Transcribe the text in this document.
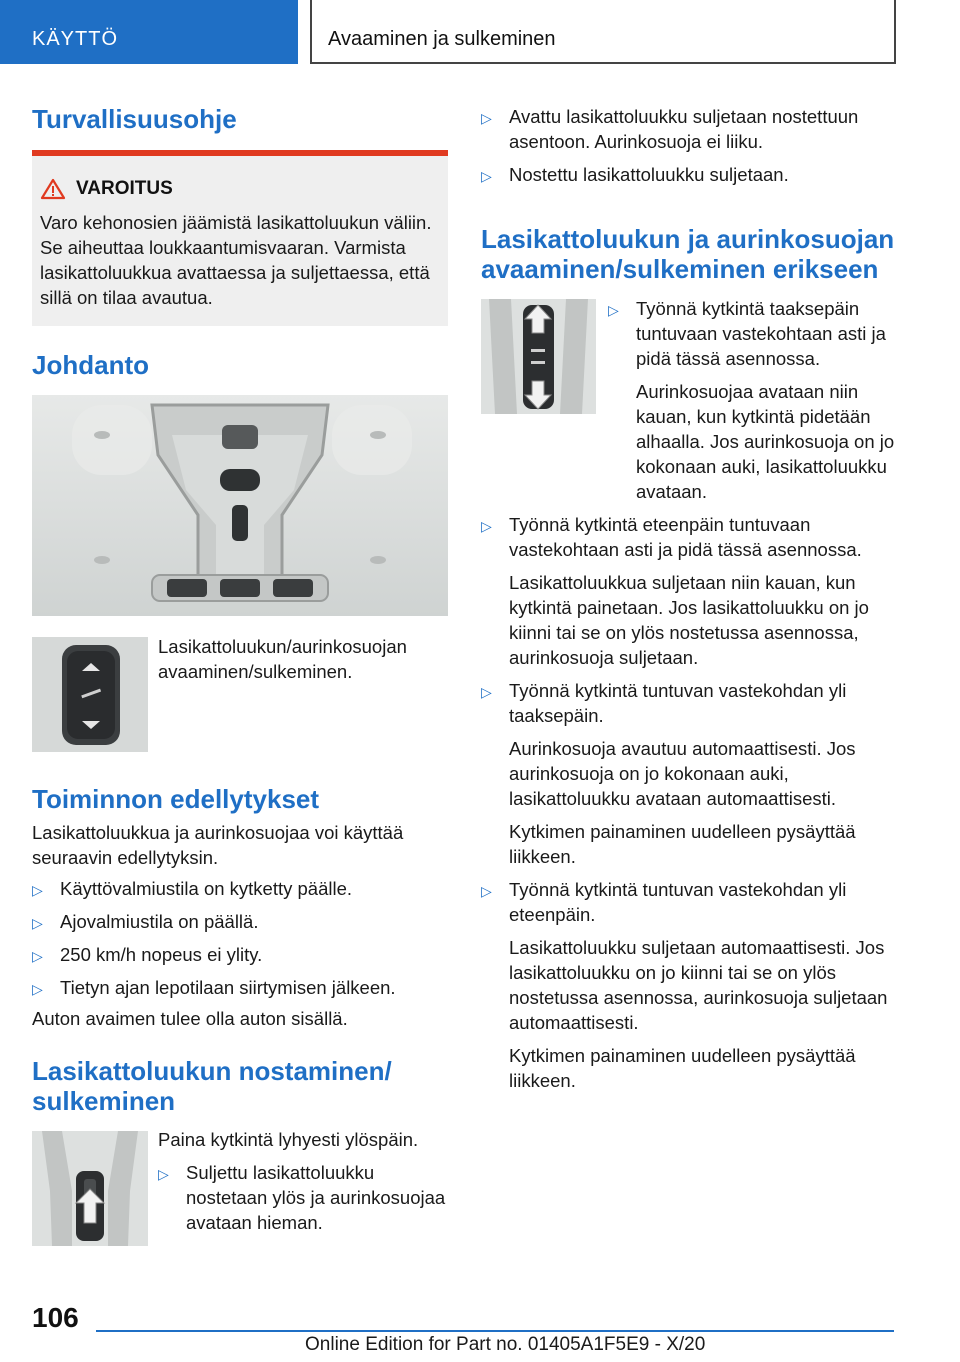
KÄYTTÖ	Avaaminen ja sulkeminen
Turvallisuusohje
VAROITUS
Varo kehonosien jäämistä lasikattoluukun väliin. Se aiheuttaa loukkaantumisvaaran. Varmista lasikattoluukkua avattaessa ja suljettaessa, että sillä on tilaa avautua.
Johdanto
Lasikattoluukun/aurinkosuojan avaaminen/sulkeminen.
Toiminnon edellytykset
Lasikattoluukkua ja aurinkosuojaa voi käyttää seuraavin edellytyksin.
▷ Käyttövalmiustila on kytketty päälle.
▷ Ajovalmiustila on päällä.
▷ 250 km/h nopeus ei ylity.
▷ Tietyn ajan lepotilaan siirtymisen jälkeen.
Auton avaimen tulee olla auton sisällä.
Lasikattoluukun nostaminen/ sulkeminen
Paina kytkintä lyhyesti ylöspäin.
▷ Suljettu lasikattoluukku nostetaan ylös ja aurinkosuojaa avataan hieman.
▷ Avattu lasikattoluukku suljetaan nostettuun asentoon. Aurinkosuoja ei liiku.
▷ Nostettu lasikattoluukku suljetaan.
Lasikattoluukun ja aurinkosuojan avaaminen/sulkeminen erikseen
▷ Työnnä kytkintä taaksepäin tuntuvaan vastekohtaan asti ja pidä tässä asennossa.

Aurinkosuojaa avataan niin kauan, kun kytkintä pidetään alhaalla. Jos aurinkosuoja on jo kokonaan auki, lasikattoluukku avataan.

▷ Työnnä kytkintä eteenpäin tuntuvaan vastekohtaan asti ja pidä tässä asennossa.

Lasikattoluukkua suljetaan niin kauan, kun kytkintä painetaan. Jos lasikattoluukku on jo kiinni tai se on ylös nostetussa asennossa, aurinkosuoja suljetaan.

▷ Työnnä kytkintä tuntuvan vastekohdan yli taaksepäin.

Aurinkosuoja avautuu automaattisesti. Jos aurinkosuoja on jo kokonaan auki, lasikattoluukku avataan automaattisesti.

Kytkimen painaminen uudelleen pysäyttää liikkeen.

▷ Työnnä kytkintä tuntuvan vastekohdan yli eteenpäin.

Lasikattoluukku suljetaan automaattisesti. Jos lasikattoluukku on jo kiinni tai se on ylös nostetussa asennossa, aurinkosuoja suljetaan automaattisesti.

Kytkimen painaminen uudelleen pysäyttää liikkeen.

106
Online Edition for Part no. 01405A1F5E9 - X/20
